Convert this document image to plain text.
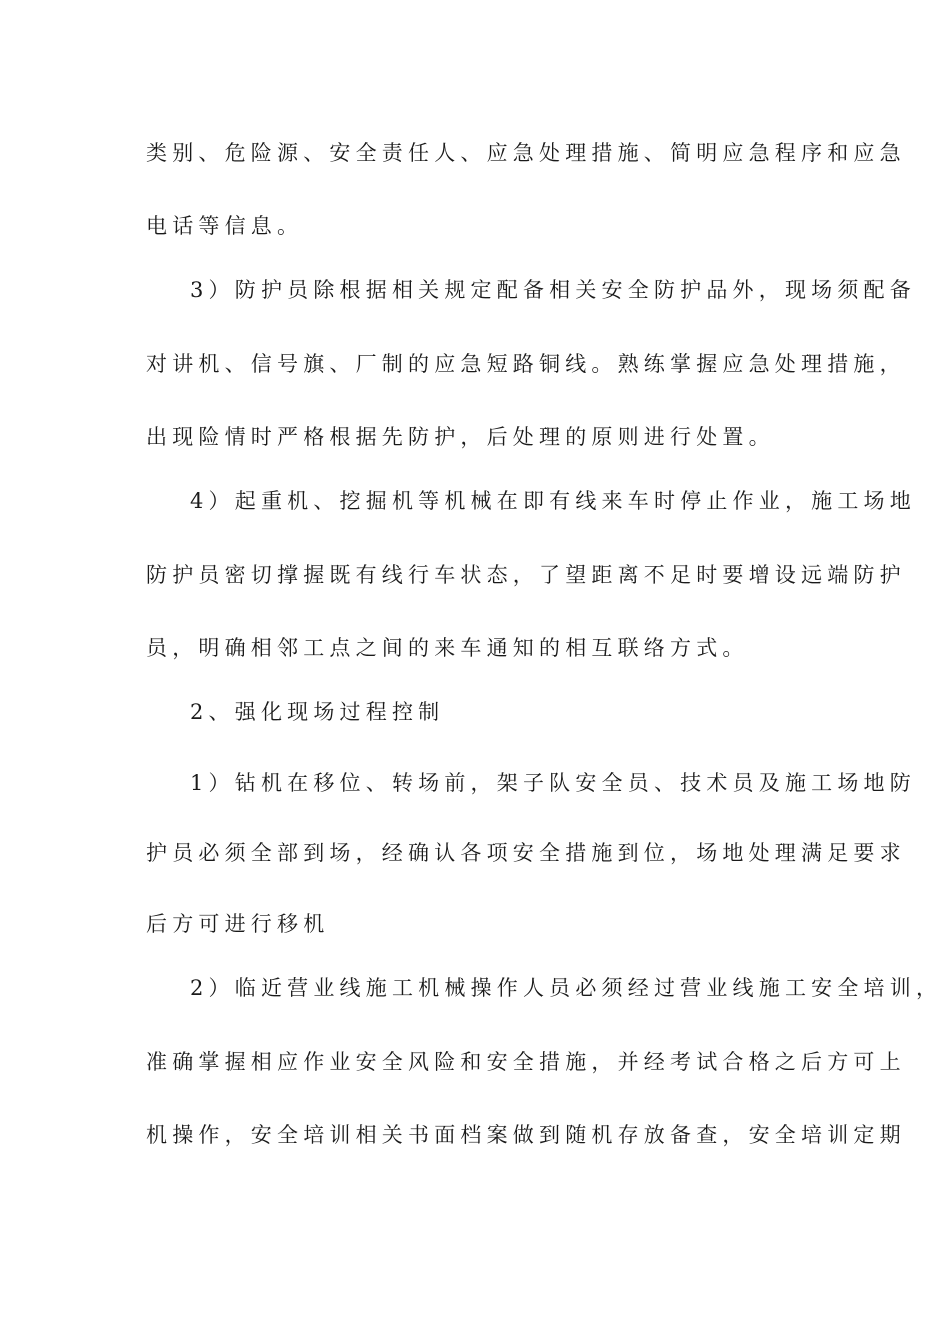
类别、危险源、安全责任人、应急处理措施、简明应急程序和应急
电话等信息。
3）防护员除根据相关规定配备相关安全防护品外，现场须配备
对讲机、信号旗、厂制的应急短路铜线。熟练掌握应急处理措施，
出现险情时严格根据先防护，后处理的原则进行处置。
4）起重机、挖掘机等机械在即有线来车时停止作业，施工场地
防护员密切撑握既有线行车状态，了望距离不足时要增设远端防护
员，明确相邻工点之间的来车通知的相互联络方式。
2、强化现场过程控制
1）钻机在移位、转场前，架子队安全员、技术员及施工场地防
护员必须全部到场，经确认各项安全措施到位，场地处理满足要求
后方可进行移机
2）临近营业线施工机械操作人员必须经过营业线施工安全培训，
准确掌握相应作业安全风险和安全措施，并经考试合格之后方可上
机操作，安全培训相关书面档案做到随机存放备查，安全培训定期
